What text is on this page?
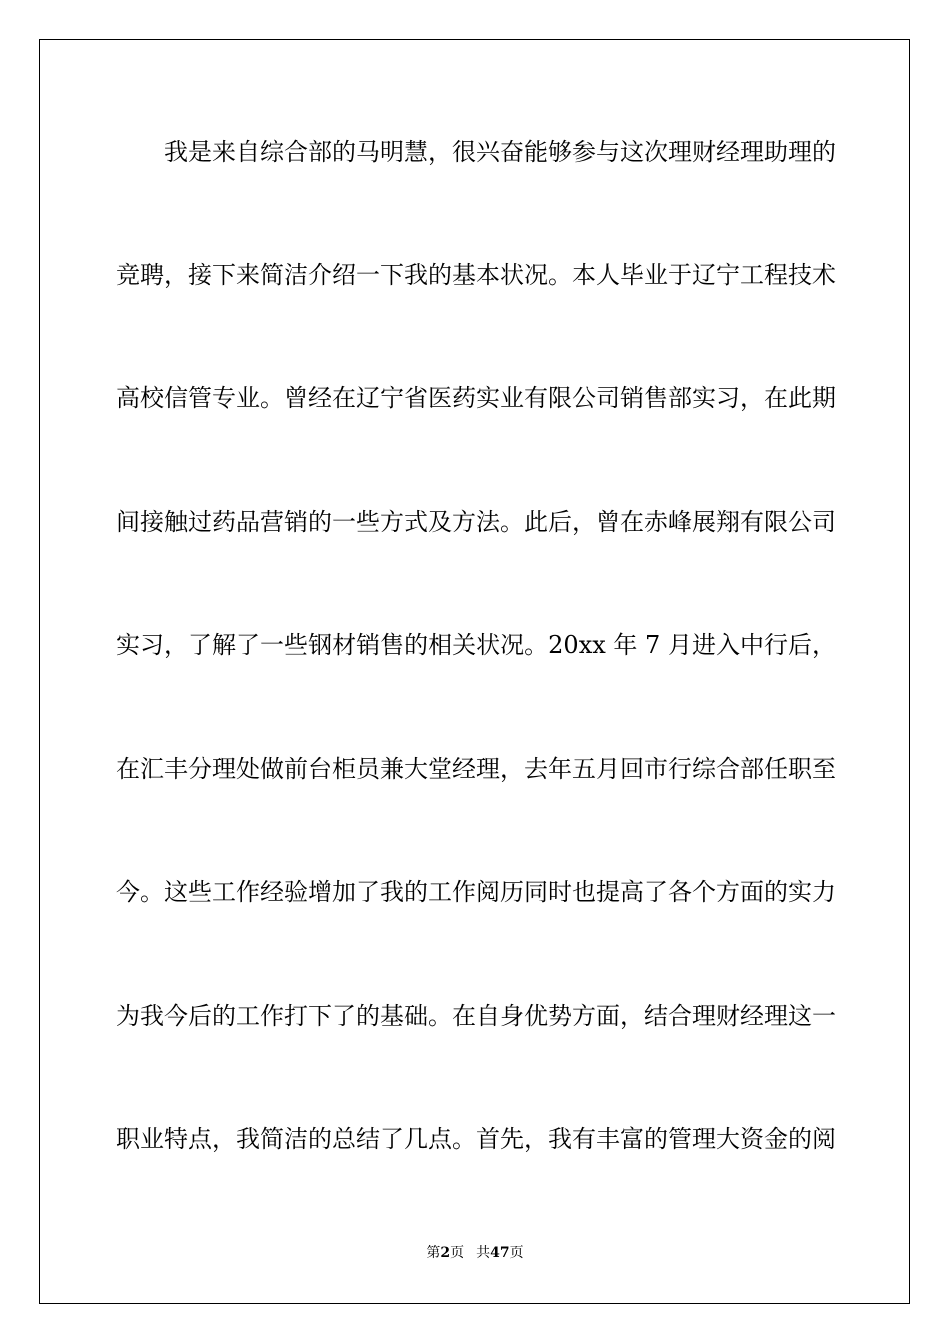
我是来自综合部的马明慧，很兴奋能够参与这次理财经理助理的
竞聘，接下来简洁介绍一下我的基本状况。本人毕业于辽宁工程技术
高校信管专业。曾经在辽宁省医药实业有限公司销售部实习，在此期
间接触过药品营销的一些方式及方法。此后，曾在赤峰展翔有限公司
实习，了解了一些钢材销售的相关状况。20xx 年 7 月进入中行后，
在汇丰分理处做前台柜员兼大堂经理，去年五月回市行综合部任职至
今。这些工作经验增加了我的工作阅历同时也提高了各个方面的实力
为我今后的工作打下了的基础。在自身优势方面，结合理财经理这一
职业特点，我简洁的总结了几点。首先，我有丰富的管理大资金的阅
第2页 共47页
